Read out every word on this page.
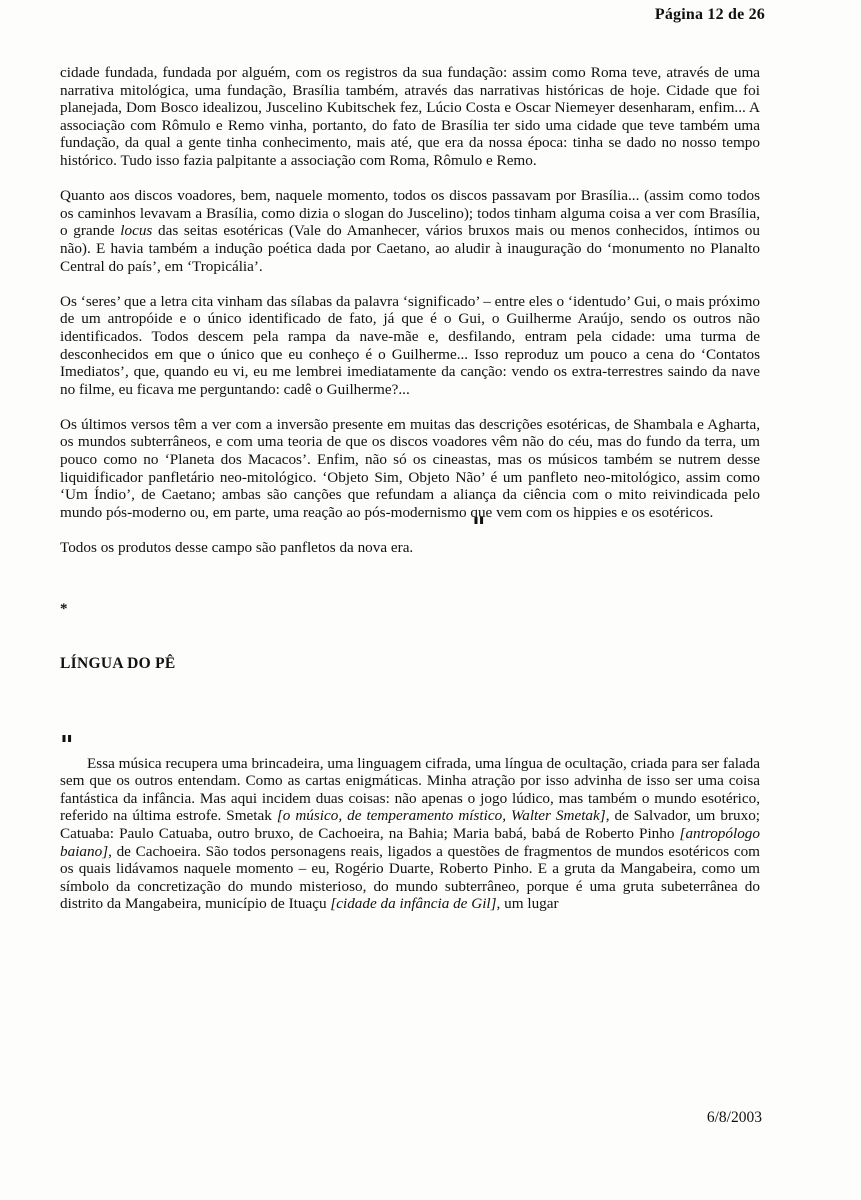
Página 12 de 26

cidade fundada, fundada por alguém, com os registros da sua fundação: assim como Roma teve, através de uma narrativa mitológica, uma fundação, Brasília também, através das narrativas históricas de hoje. Cidade que foi planejada, Dom Bosco idealizou, Juscelino Kubitschek fez, Lúcio Costa e Oscar Niemeyer desenharam, enfim... A associação com Rômulo e Remo vinha, portanto, do fato de Brasília ter sido uma cidade que teve também uma fundação, da qual a gente tinha conhecimento, mais até, que era da nossa época: tinha se dado no nosso tempo histórico. Tudo isso fazia palpitante a associação com Roma, Rômulo e Remo.

Quanto aos discos voadores, bem, naquele momento, todos os discos passavam por Brasília... (assim como todos os caminhos levavam a Brasília, como dizia o slogan do Juscelino); todos tinham alguma coisa a ver com Brasília, o grande locus das seitas esotéricas (Vale do Amanhecer, vários bruxos mais ou menos conhecidos, íntimos ou não). E havia também a indução poética dada por Caetano, ao aludir à inauguração do ‘monumento no Planalto Central do país’, em ‘Tropicália’.

Os ‘seres’ que a letra cita vinham das sílabas da palavra ‘significado’ – entre eles o ‘identudo’ Gui, o mais próximo de um antropóide e o único identificado de fato, já que é o Gui, o Guilherme Araújo, sendo os outros não identificados. Todos descem pela rampa da nave-mãe e, desfilando, entram pela cidade: uma turma de desconhecidos em que o único que eu conheço é o Guilherme... Isso reproduz um pouco a cena do ‘Contatos Imediatos’, que, quando eu vi, eu me lembrei imediatamente da canção: vendo os extra-terrestres saindo da nave no filme, eu ficava me perguntando: cadê o Guilherme?...

Os últimos versos têm a ver com a inversão presente em muitas das descrições esotéricas, de Shambala e Agharta, os mundos subterrâneos, e com uma teoria de que os discos voadores vêm não do céu, mas do fundo da terra, um pouco como no ‘Planeta dos Macacos’. Enfim, não só os cineastas, mas os músicos também se nutrem desse liquidificador panfletário neo-mitológico. ‘Objeto Sim, Objeto Não’ é um panfleto neo-mitológico, assim como ‘Um Índio’, de Caetano; ambas são canções que refundam a aliança da ciência com o mito reivindicada pelo mundo pós-moderno ou, em parte, uma reação ao pós-modernismo que vem com os hippies e os esotéricos.

"

Todos os produtos desse campo são panfletos da nova era.

*
LÍNGUA DO PÊ
"

Essa música recupera uma brincadeira, uma linguagem cifrada, uma língua de ocultação, criada para ser falada sem que os outros entendam. Como as cartas enigmáticas. Minha atração por isso advinha de isso ser uma coisa fantástica da infância. Mas aqui incidem duas coisas: não apenas o jogo lúdico, mas também o mundo esotérico, referido na última estrofe. Smetak [o músico, de temperamento místico, Walter Smetak], de Salvador, um bruxo; Catuaba: Paulo Catuaba, outro bruxo, de Cachoeira, na Bahia; Maria babá, babá de Roberto Pinho [antropólogo baiano], de Cachoeira. São todos personagens reais, ligados a questões de fragmentos de mundos esotéricos com os quais lidávamos naquele momento – eu, Rogério Duarte, Roberto Pinho. E a gruta da Mangabeira, como um símbolo da concretização do mundo misterioso, do mundo subterrâneo, porque é uma gruta subeterrânea do distrito da Mangabeira, município de Ituaçu [cidade da infância de Gil], um lugar

6/8/2003
